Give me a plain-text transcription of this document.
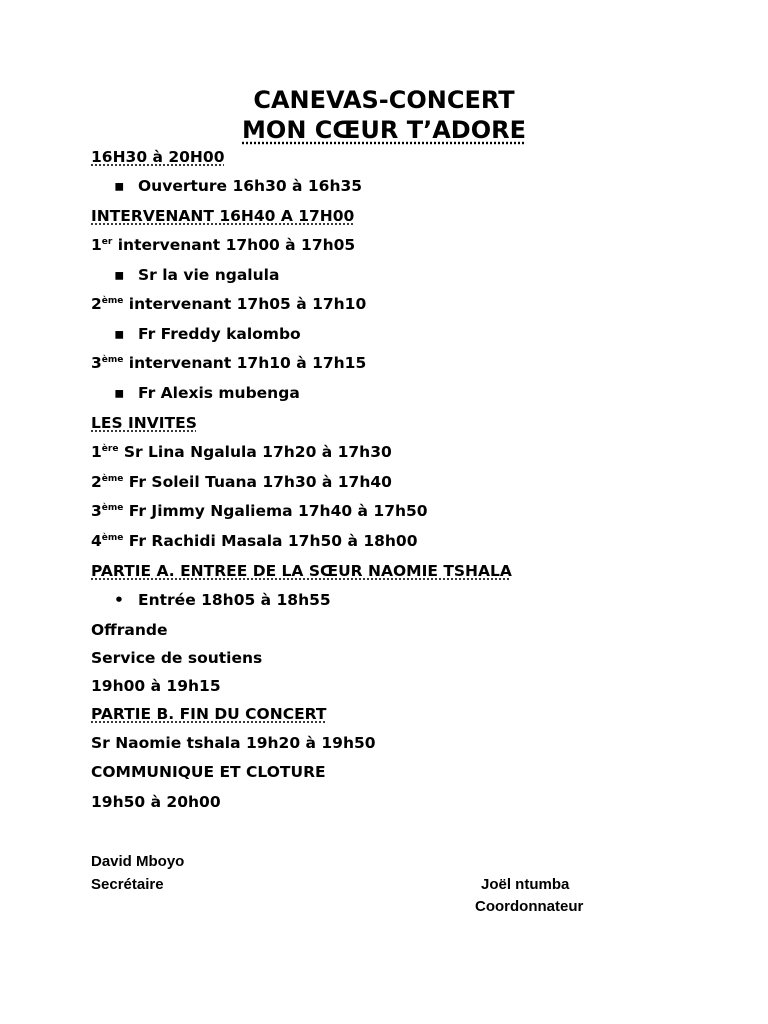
CANEVAS-CONCERT
MON CŒUR T’ADORE
16H30 à 20H00
▪ Ouverture 16h30 à 16h35
INTERVENANT 16H40 A 17H00
1er intervenant 17h00 à 17h05
▪ Sr la vie ngalula
2ème intervenant 17h05 à 17h10
▪ Fr Freddy kalombo
3ème intervenant 17h10 à 17h15
▪ Fr Alexis mubenga
LES INVITES
1ère Sr Lina Ngalula 17h20 à 17h30
2ème Fr Soleil Tuana 17h30 à 17h40
3ème Fr Jimmy Ngaliema 17h40 à 17h50
4ème Fr Rachidi Masala 17h50 à 18h00
PARTIE A. ENTREE DE LA SŒUR NAOMIE TSHALA
• Entrée 18h05 à 18h55
Offrande
Service de soutiens
19h00 à 19h15
PARTIE B. FIN DU CONCERT
Sr Naomie tshala 19h20 à 19h50
COMMUNIQUE ET CLOTURE
19h50 à 20h00
David Mboyo
Secrétaire	Joël ntumba
Coordonnateur
